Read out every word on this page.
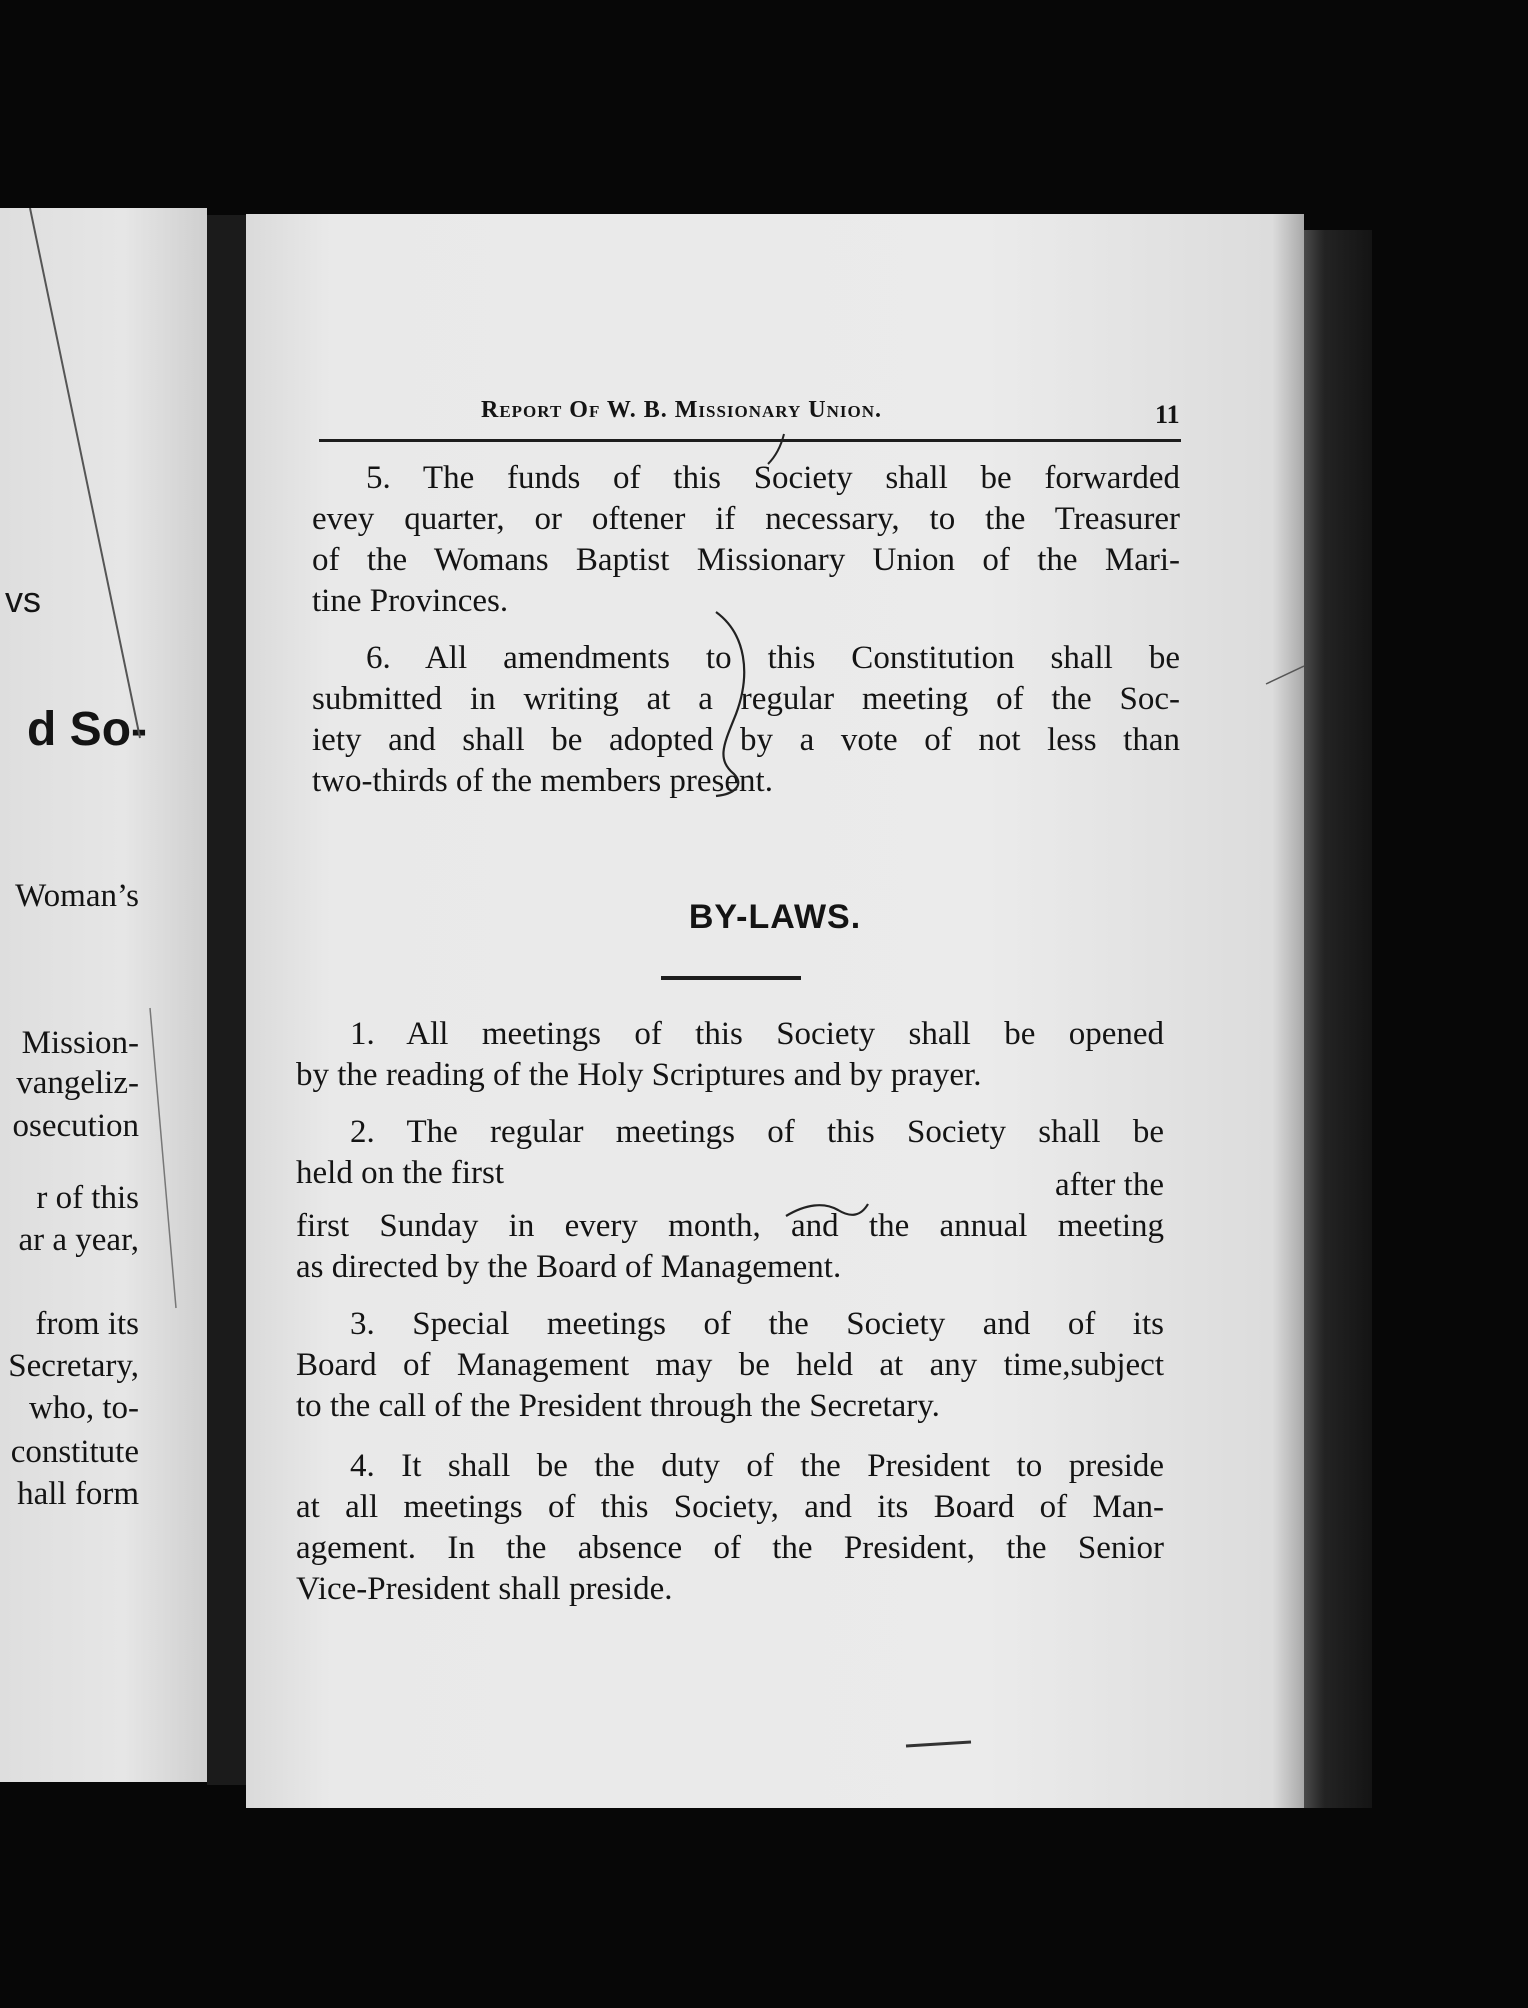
vs
d So-
Woman’s
Mission-
vangeliz-
osecution
r of this
ar a year,
from its
Secretary,
who, to-
constitute
hall form
Report Of W. B. Missionary Union.	11

5. The funds of this Society shall be forwarded

evey quarter, or oftener if necessary, to the Treasurer

of the Womans Baptist Missionary Union of the Mari-

tine Provinces.

6. All amendments to this Constitution shall be

submitted in writing at a regular meeting of the Soc-

iety and shall be adopted by a vote of not less than

two-thirds of the members present.

BY-LAWS.

1. All meetings of this Society shall be opened

by the reading of the Holy Scriptures and by prayer.

2. The regular meetings of this Society shall be

held on the first	after the

first Sunday in every month, and the annual meeting

as directed by the Board of Management.

3. Special meetings of the Society and of its

Board of Management may be held at any time,subject

to the call of the President through the Secretary.

4. It shall be the duty of the President to preside

at all meetings of this Society, and its Board of Man-

agement. In the absence of the President, the Senior

Vice-President shall preside.
